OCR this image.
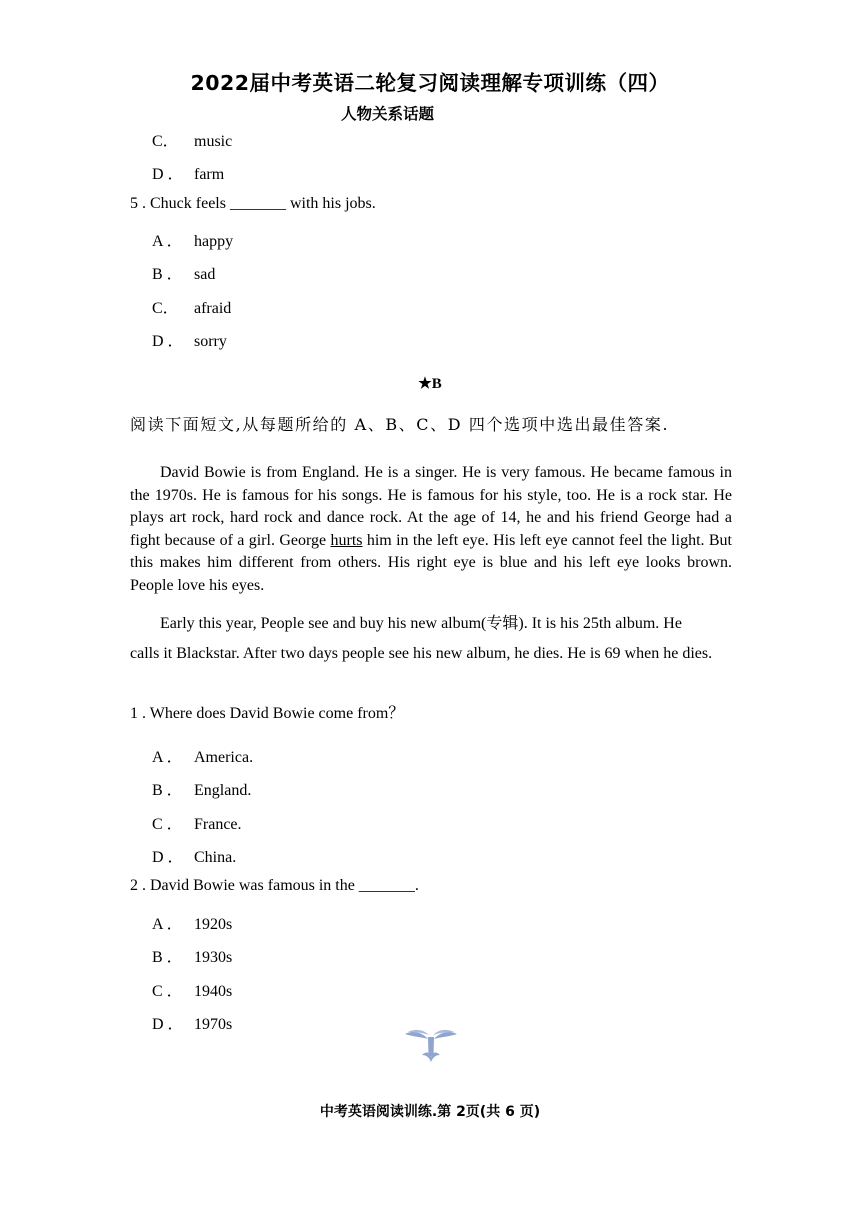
2022届中考英语二轮复习阅读理解专项训练（四）
人物关系话题
C． music
D ． farm
5 . Chuck feels _______ with his jobs.
A ． happy
B ． sad
C． afraid
D ． sorry
★B
阅读下面短文,从每题所给的 A、B、C、D 四个选项中选出最佳答案.

David Bowie is from England. He is a singer. He is very famous. He became famous in the 1970s. He is famous for his songs. He is famous for his style, too. He is a rock star. He plays art rock, hard rock and dance rock. At the age of 14, he and his friend George had a fight because of a girl. George hurts him in the left eye. His left eye cannot feel the light. But this makes him different from others. His right eye is blue and his left eye looks brown. People love his eyes.

Early this year, People see and buy his new album(专辑). It is his 25th album. He

calls it Blackstar. After two days people see his new album, he dies. He is 69 when he dies.

1 . Where does David Bowie come from？
A ． America.
B ． England.
C ． France.
D ． China.
2 . David Bowie was famous in the _______.
A ． 1920s
B ． 1930s
C ． 1940s
D ． 1970s
中考英语阅读训练.第 2页(共 6 页)
